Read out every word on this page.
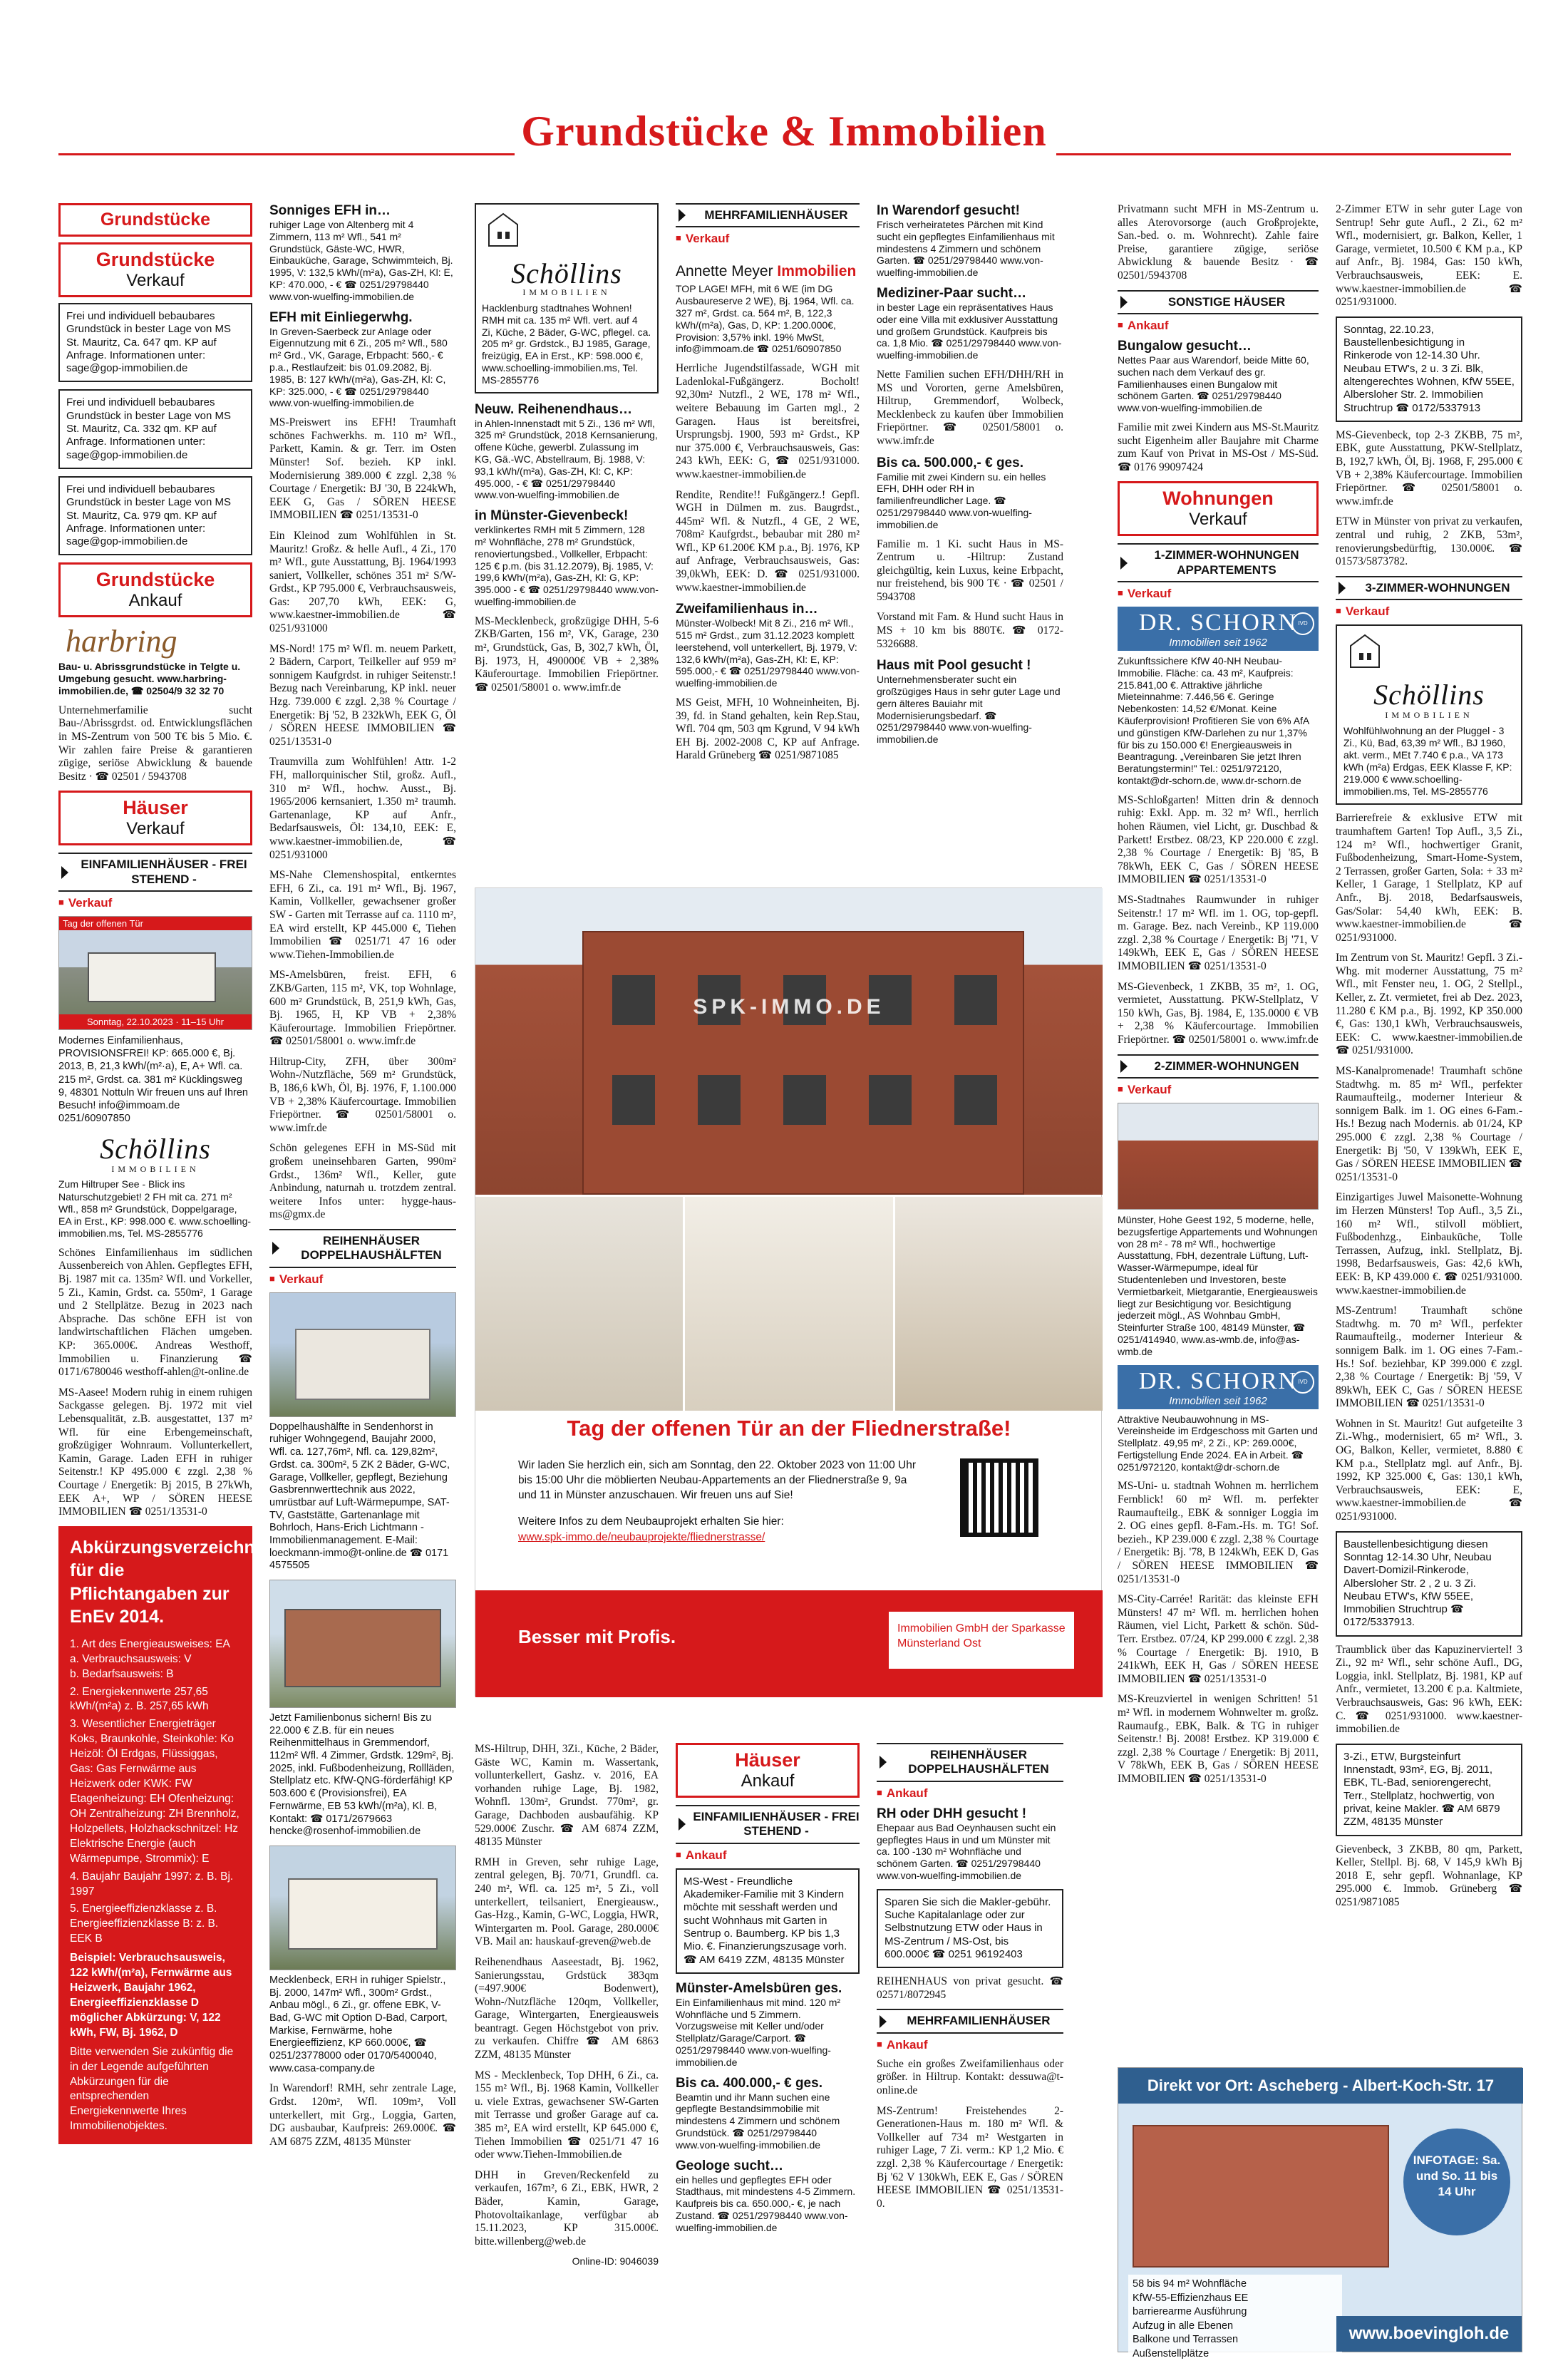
Grundstücke & Immobilien
Grundstücke
Grundstücke
Verkauf
Frei und individuell bebaubares Grundstück in bester Lage von MS St. Mauritz, Ca. 647 qm. KP auf Anfrage. Informationen unter: sage@gop-immobilien.de
Frei und individuell bebaubares Grundstück in bester Lage von MS St. Mauritz, Ca. 332 qm. KP auf Anfrage. Informationen unter: sage@gop-immobilien.de
Frei und individuell bebaubares Grundstück in bester Lage von MS St. Mauritz, Ca. 979 qm. KP auf Anfrage. Informationen unter: sage@gop-immobilien.de
Grundstücke
Ankauf
harbring
Bau- u. Abrissgrundstücke in Telgte u. Umgebung gesucht. www.harbring-immobilien.de, ☎ 02504/9 32 32 70
Unternehmerfamilie sucht Bau-/Abrissgrdst. od. Entwicklungsflächen in MS-Zentrum von 500 T€ bis 5 Mio. €. Wir zahlen faire Preise & garantieren zügige, seriöse Abwicklung & bauende Besitz · ☎ 02501 / 5943708
Häuser
Verkauf
EINFAMILIENHÄUSER - FREI STEHEND -
■ Verkauf
Tag der offenen Tür
Sonntag, 22.10.2023 · 11–15 Uhr
Modernes Einfamilienhaus, PROVISIONSFREI! KP: 665.000 €, Bj. 2013, B, 21,3 kWh/(m²·a), E, A+ Wfl. ca. 215 m², Grdst. ca. 381 m² Kücklingsweg 9, 48301 Nottuln Wir freuen uns auf Ihren Besuch! info@immoam.de 0251/60907850
Schöllins
IMMOBILIEN
Zum Hiltruper See - Blick ins Naturschutzgebiet! 2 FH mit ca. 271 m² Wfl., 858 m² Grundstück, Doppelgarage, EA in Erst., KP: 998.000 €. www.schoelling-immobilien.ms, Tel. MS-2855776
Schönes Einfamilienhaus im südlichen Aussenbereich von Ahlen. Gepflegtes EFH, Bj. 1987 mit ca. 135m² Wfl. und Vorkeller, 5 Zi., Kamin, Grdst. ca. 550m², 1 Garage und 2 Stellplätze. Bezug in 2023 nach Absprache. Das schöne EFH ist von landwirtschaftlichen Flächen umgeben. KP: 365.000€. Andreas Westhoff, Immobilien u. Finanzierung ☎ 0171/6780046 westhoff-ahlen@t-online.de
MS-Aasee! Modern ruhig in einem ruhigen Sackgasse gelegen. Bj. 1972 mit viel Lebensqualität, z.B. ausgestattet, 137 m² Wfl. für eine Erbengemeinschaft, großzügiger Wohnraum. Vollunterkellert, Kamin, Garage. Laden EFH in ruhiger Seitenstr.! KP 495.000 € zzgl. 2,38 % Courtage / Energetik: Bj 2015, B 27kWh, EEK A+, WP / SÖREN HEESE IMMOBILIEN ☎ 0251/13531-0
Abkürzungsverzeichnis für die Pflichtangaben zur EnEv 2014.
1. Art des Energieausweises: EA
a. Verbrauchsausweis: V
b. Bedarfsausweis: B
2. Energiekennwerte 257,65 kWh/(m²a) z. B. 257,65 kWh
3. Wesentlicher Energieträger Koks, Braunkohle, Steinkohle: Ko Heizöl: Öl Erdgas, Flüssiggas, Gas: Gas Fernwärme aus Heizwerk oder KWK: FW Etagenheizung: EH Ofenheizung: OH Zentralheizung: ZH Brennholz, Holzpellets, Holzhackschnitzel: Hz Elektrische Energie (auch Wärmepumpe, Strommix): E
4. Baujahr Baujahr 1997: z. B. Bj. 1997
5. Energieeffizienzklasse z. B. Energieeffizienzklasse B: z. B. EEK B
Beispiel: Verbrauchsausweis, 122 kWh/(m²a), Fernwärme aus Heizwerk, Baujahr 1962, Energieeffizienzklasse D möglicher Abkürzung: V, 122 kWh, FW, Bj. 1962, D
Bitte verwenden Sie zukünftig die in der Legende aufgeführten Abkürzungen für die entsprechenden Energiekennwerte Ihres Immobilienobjektes.
Sonniges EFH in…
ruhiger Lage von Altenberg mit 4 Zimmern, 113 m² Wfl., 541 m² Grundstück, Gäste-WC, HWR, Einbauküche, Garage, Schwimmteich, Bj. 1995, V: 132,5 kWh/(m²a), Gas-ZH, Kl: E, KP: 470.000, - € ☎ 0251/29798440 www.von-wuelfing-immobilien.de
EFH mit Einliegerwhg.
In Greven-Saerbeck zur Anlage oder Eigennutzung mit 6 Zi., 205 m² Wfl., 580 m² Grd., VK, Garage, Erbpacht: 560,- € p.a., Restlaufzeit: bis 01.09.2082, Bj. 1985, B: 127 kWh/(m²a), Gas-ZH, Kl: C, KP: 325.000, - € ☎ 0251/29798440 www.von-wuelfing-immobilien.de
MS-Preiswert ins EFH! Traumhaft schönes Fachwerkhs. m. 110 m² Wfl., Parkett, Kamin. & gr. Terr. im Osten Münster! Sof. bezieh. KP inkl. Modernisierung 389.000 € zzgl. 2,38 % Courtage / Energetik: BJ '30, B 224kWh, EEK G, Gas / SÖREN HEESE IMMOBILIEN ☎ 0251/13531-0
Ein Kleinod zum Wohlfühlen in St. Mauritz! Großz. & helle Aufl., 4 Zi., 170 m² Wfl., gute Ausstattung, Bj. 1964/1993 saniert, Vollkeller, schönes 351 m² S/W-Grdst., KP 795.000 €, Verbrauchsausweis, Gas: 207,70 kWh, EEK: G, www.kaestner-immobilien.de ☎ 0251/931000
MS-Nord! 175 m² Wfl. m. neuem Parkett, 2 Bädern, Carport, Teilkeller auf 959 m² sonnigem Kaufgrdst. in ruhiger Seitenstr.! Bezug nach Vereinbarung, KP inkl. neuer Hzg. 739.000 € zzgl. 2,38 % Courtage / Energetik: Bj '52, B 232kWh, EEK G, Öl / SÖREN HEESE IMMOBILIEN ☎ 0251/13531-0
Traumvilla zum Wohlfühlen! Attr. 1-2 FH, mallorquinischer Stil, großz. Aufl., 310 m² Wfl., hochw. Ausst., Bj. 1965/2006 kernsaniert, 1.350 m² traumh. Gartenanlage, KP auf Anfr., Bedarfsausweis, Öl: 134,10, EEK: E, www.kaestner-immobilien.de, ☎ 0251/931000
MS-Nahe Clemenshospital, entkerntes EFH, 6 Zi., ca. 191 m² Wfl., Bj. 1967, Kamin, Vollkeller, gewachsener großer SW - Garten mit Terrasse auf ca. 1110 m², EA wird erstellt, KP 445.000 €, Tiehen Immobilien ☎ 0251/71 47 16 oder www.Tiehen-Immobilien.de
MS-Amelsbüren, freist. EFH, 6 ZKB/Garten, 115 m², VK, top Wohnlage, 600 m² Grundstück, B, 251,9 kWh, Gas, Bj. 1965, H, KP VB + 2,38% Käuferourtage. Immobilien Friepörtner. ☎ 02501/58001 o. www.imfr.de
Hiltrup-City, ZFH, über 300m² Wohn-/Nutzfläche, 569 m² Grundstück, B, 186,6 kWh, Öl, Bj. 1976, F, 1.100.000 VB + 2,38% Käufercourtage. Immobilien Friepörtner. ☎ 02501/58001 o. www.imfr.de
Schön gelegenes EFH in MS-Süd mit großem uneinsehbaren Garten, 990m² Grdst., 136m² Wfl., Keller, gute Anbindung, naturnah u. trotzdem zentral. weitere Infos unter: hygge-haus-ms@gmx.de
REIHENHÄUSER DOPPELHAUSHÄLFTEN
■ Verkauf
Doppelhaushälfte in Sendenhorst in ruhiger Wohngegend, Baujahr 2000, Wfl. ca. 127,76m², Nfl. ca. 129,82m², Grdst. ca. 300m², 5 ZK 2 Bäder, G-WC, Garage, Vollkeller, gepflegt, Beziehung Gasbrennwerttechnik aus 2022, umrüstbar auf Luft-Wärmepumpe, SAT-TV, Gaststätte, Gartenanlage mit Bohrloch, Hans-Erich Lichtmann - Immobilienmanagement. E-Mail: loeckmann-immo@t-online.de ☎ 0171 4575505
Jetzt Familienbonus sichern! Bis zu 22.000 € Z.B. für ein neues Reihenmittelhaus in Gremmendorf, 112m² Wfl. 4 Zimmer, Grdstk. 129m², Bj. 2025, inkl. Fußbodenheizung, Rollläden, Stellplatz etc. KfW-QNG-förderfähig! KP 503.600 € (Provisionsfrei), EA Fernwärme, EB 53 kWh/(m²a), Kl. B, Kontakt: ☎ 0171/2679663 hencke@rosenhof-immobilien.de
Mecklenbeck, ERH in ruhiger Spielstr., Bj. 2000, 147m² Wfl., 300m² Grdst., Anbau mögl., 6 Zi., gr. offene EBK, V-Bad, G-WC mit Option D-Bad, Carport, Markise, Fernwärme, hohe Energieeffizienz, KP 660.000€, ☎ 0251/23778000 oder 0170/5400040, www.casa-company.de
In Warendorf! RMH, sehr zentrale Lage, Grdst. 120m², Wfl. 109m², Voll unterkellert, mit Grg., Loggia, Garten, DG ausbaubar, Kaufpreis: 269.000€. ☎ AM 6875 ZZM, 48135 Münster
Schöllins
IMMOBILIEN
Hacklenburg stadtnahes Wohnen! RMH mit ca. 135 m² Wfl. vert. auf 4 Zi, Küche, 2 Bäder, G-WC, pflegel. ca. 205 m² gr. Grdstck., BJ 1985, Garage, freizügig, EA in Erst., KP: 598.000 €, www.schoelling-immobilien.ms, Tel. MS-2855776
Neuw. Reihenendhaus…
in Ahlen-Innenstadt mit 5 Zi., 136 m² Wfl, 325 m² Grundstück, 2018 Kernsanierung, offene Küche, gewerbl. Zulassung im KG, Gä.-WC, Abstellraum, Bj. 1988, V: 93,1 kWh/(m²a), Gas-ZH, Kl: C, KP: 495.000, - € ☎ 0251/29798440 www.von-wuelfing-immobilien.de
in Münster-Gievenbeck!
verklinkertes RMH mit 5 Zimmern, 128 m² Wohnfläche, 278 m² Grundstück, renoviertungsbed., Vollkeller, Erbpacht: 125 € p.m. (bis 31.12.2079), Bj. 1985, V: 199,6 kWh/(m²a), Gas-ZH, Kl: G, KP: 395.000 - € ☎ 0251/29798440 www.von-wuelfing-immobilien.de
MS-Mecklenbeck, großzügige DHH, 5-6 ZKB/Garten, 156 m², VK, Garage, 230 m², Grundstück, Gas, B, 302,7 kWh, Öl, Bj. 1973, H, 490000€ VB + 2,38% Käuferourtage. Immobilien Friepörtner. ☎ 02501/58001 o. www.imfr.de
SPK-IMMO.DE
Tag der offenen Tür an der Fliednerstraße!
Wir laden Sie herzlich ein, sich am Sonntag, den 22. Oktober 2023 von 11:00 Uhr bis 15:00 Uhr die möblierten Neubau-Appartements an der Fliednerstraße 9, 9a und 11 in Münster anzuschauen. Wir freuen uns auf Sie!
Weitere Infos zu dem Neubauprojekt erhalten Sie hier:
www.spk-immo.de/neubauprojekte/fliednerstrasse/
Besser mit Profis.	Immobilien GmbH der Sparkasse Münsterland Ost
MS-Hiltrup, DHH, 3Zi., Küche, 2 Bäder, Gäste WC, Kamin m. Wassertank, vollunterkellert, Gashz. v. 2016, EA vorhanden ruhige Lage, Bj. 1982, Wohnfl. 130m², Grundst. 770m², gr. Garage, Dachboden ausbaufähig. KP 529.000€ Zuschr. ☎ AM 6874 ZZM, 48135 Münster
RMH in Greven, sehr ruhige Lage, zentral gelegen, Bj. 70/71, Grundfl. ca. 240 m², Wfl. ca. 125 m², 5 Zi., voll unterkellert, teilsaniert, Energieausw., Gas-Hzg., Kamin, G-WC, Loggia, HWR, Wintergarten m. Pool. Garage, 280.000€ VB. Mail an: hauskauf-greven@web.de
Reihenendhaus Aaseestadt, Bj. 1962, Sanierungsstau, Grdstück 383qm (=497.900€ Bodenwert), Wohn-/Nutzfläche 120qm, Vollkeller, Garage, Wintergarten, Energieausweis beantragt. Gegen Höchstgebot von priv. zu verkaufen. Chiffre ☎ AM 6863 ZZM, 48135 Münster
MS - Mecklenbeck, Top DHH, 6 Zi., ca. 155 m² Wfl., Bj. 1968 Kamin, Vollkeller u. viele Extras, gewachsener SW-Garten mit Terrasse und großer Garage auf ca. 385 m², EA wird erstellt, KP 645.000 €, Tiehen Immobilien ☎ 0251/71 47 16 oder www.Tiehen-Immobilien.de
DHH in Greven/Reckenfeld zu verkaufen, 167m², 6 Zi., EBK, HWR, 2 Bäder, Kamin, Garage, Photovoltaikanlage, verfügbar ab 15.11.2023, KP 315.000€. bitte.willenberg@web.de
Online-ID: 9046039
MEHRFAMILIENHÄUSER
■ Verkauf
Annette Meyer Immobilien
TOP LAGE! MFH, mit 6 WE (im DG Ausbaureserve 2 WE), Bj. 1964, Wfl. ca. 327 m², Grdst. ca. 564 m², B, 122,3 kWh/(m²a), Gas, D, KP: 1.200.000€, Provision: 3,57% inkl. 19% MwSt, info@immoam.de ☎ 0251/60907850
Herrliche Jugendstilfassade, WGH mit Ladenlokal-Fußgängerz. Bocholt! 92,30m² Nutzfl., 2 WE, 178 m² Wfl., weitere Bebauung im Garten mgl., 2 Garagen. Haus ist bereitsfrei, Ursprungsbj. 1900, 593 m² Grdst., KP nur 375.000 €, Verbrauchsausweis, Gas: 243 kWh, EEK: G, ☎ 0251/931000. www.kaestner-immobilien.de
Rendite, Rendite!! Fußgängerz.! Gepfl. WGH in Dülmen m. zus. Baugrdst., 445m² Wfl. & Nutzfl., 4 GE, 2 WE, 708m² Kaufgrdst., bebaubar mit 280 m² Wfl., KP 61.200€ KM p.a., Bj. 1976, KP auf Anfrage, Verbrauchsausweis, Gas: 39,0kWh, EEK: D. ☎ 0251/931000. www.kaestner-immobilien.de
Zweifamilienhaus in…
Münster-Wolbeck! Mit 8 Zi., 216 m² Wfl., 515 m² Grdst., zum 31.12.2023 komplett leerstehend, voll unterkellert, Bj. 1979, V: 132,6 kWh/(m²a), Gas-ZH, Kl: E, KP: 595.000,- € ☎ 0251/29798440 www.von-wuelfing-immobilien.de
MS Geist, MFH, 10 Wohneinheiten, Bj. 39, fd. in Stand gehalten, kein Rep.Stau, Wfl. 704 qm, 503 qm Kgrund, V 94 kWh EH Bj. 2002-2008 C, KP auf Anfrage. Harald Grüneberg ☎ 0251/9871085
Häuser
Ankauf
EINFAMILIENHÄUSER - FREI STEHEND -
■ Ankauf
MS-West - Freundliche Akademiker-Familie mit 3 Kindern möchte mit sesshaft werden und sucht Wohnhaus mit Garten in Sentrup o. Baumberg. KP bis 1,3 Mio. €. Finanzierungszusage vorh. ☎ AM 6419 ZZM, 48135 Münster
Münster-Amelsbüren ges.
Ein Einfamilienhaus mit mind. 120 m² Wohnfläche und 5 Zimmern. Vorzugsweise mit Keller und/oder Stellplatz/Garage/Carport. ☎ 0251/29798440 www.von-wuelfing-immobilien.de
Bis ca. 400.000,- € ges.
Beamtin und ihr Mann suchen eine gepflegte Bestandsimmobilie mit mindestens 4 Zimmern und schönem Grundstück. ☎ 0251/29798440 www.von-wuelfing-immobilien.de
Geologe sucht…
ein helles und gepflegtes EFH oder Stadthaus, mit mindestens 4-5 Zimmern. Kaufpreis bis ca. 650.000,- €, je nach Zustand. ☎ 0251/29798440 www.von-wuelfing-immobilien.de
In Warendorf gesucht!
Frisch verheiratetes Pärchen mit Kind sucht ein gepflegtes Einfamilienhaus mit mindestens 4 Zimmern und schönem Garten. ☎ 0251/29798440 www.von-wuelfing-immobilien.de
Mediziner-Paar sucht…
in bester Lage ein repräsentatives Haus oder eine Villa mit exklusiver Ausstattung und großem Grundstück. Kaufpreis bis ca. 1,8 Mio. ☎ 0251/29798440 www.von-wuelfing-immobilien.de
Nette Familien suchen EFH/DHH/RH in MS und Vororten, gerne Amelsbüren, Hiltrup, Gremmendorf, Wolbeck, Mecklenbeck zu kaufen über Immobilien Friepörtner. ☎ 02501/58001 o. www.imfr.de
Bis ca. 500.000,- € ges.
Familie mit zwei Kindern su. ein helles EFH, DHH oder RH in familienfreundlicher Lage. ☎ 0251/29798440 www.von-wuelfing-immobilien.de
Familie m. 1 Ki. sucht Haus in MS-Zentrum u. -Hiltrup: Zustand gleichgültig, kein Luxus, keine Erbpacht, nur freistehend, bis 900 T€ · ☎ 02501 / 5943708
Vorstand mit Fam. & Hund sucht Haus in MS + 10 km bis 880T€. ☎ 0172-5326688.
Haus mit Pool gesucht !
Unternehmensberater sucht ein großzügiges Haus in sehr guter Lage und gern älteres Bauiahr mit Modernisierungsbedarf. ☎ 0251/29798440 www.von-wuelfing-immobilien.de
REIHENHÄUSER DOPPELHAUSHÄLFTEN
■ Ankauf
RH oder DHH gesucht !
Ehepaar aus Bad Oeynhausen sucht ein gepflegtes Haus in und um Münster mit ca. 100 -130 m² Wohnfläche und schönem Garten. ☎ 0251/29798440 www.von-wuelfing-immobilien.de
Sparen Sie sich die Makler-gebühr. Suche Kapitalanlage oder zur Selbstnutzung ETW oder Haus in MS-Zentrum / MS-Ost, bis 600.000€ ☎ 0251 96192403
REIHENHAUS von privat gesucht. ☎ 02571/8072945
MEHRFAMILIENHÄUSER
■ Ankauf
Suche ein großes Zweifamilienhaus oder größer. in Hiltrup. Kontakt: dessuwa@t-online.de
MS-Zentrum! Freistehendes 2-Generationen-Haus m. 180 m² Wfl. & Vollkeller auf 734 m² Westgarten in ruhiger Lage, 7 Zi. verm.: KP 1,2 Mio. € zzgl. 2,38 % Käufercourtage / Energetik: Bj '62 V 130kWh, EEK E, Gas / SÖREN HEESE IMMOBILIEN ☎ 0251/13531-0.
Privatmann sucht MFH in MS-Zentrum u. alles Aterovorsorge (auch Großprojekte, San.-bed. o. m. Wohnrecht). Zahle faire Preise, garantiere zügige, seriöse Abwicklung & bauende Besitz · ☎ 02501/5943708
SONSTIGE HÄUSER
■ Ankauf
Bungalow gesucht…
Nettes Paar aus Warendorf, beide Mitte 60, suchen nach dem Verkauf des gr. Familienhauses einen Bungalow mit schönem Garten. ☎ 0251/29798440 www.von-wuelfing-immobilien.de
Familie mit zwei Kindern aus MS-St.Mauritz sucht Eigenheim aller Baujahre mit Charme zum Kauf von Privat in MS-Ost / MS-Süd. ☎ 0176 99097424
Wohnungen
Verkauf
1-ZIMMER-WOHNUNGEN APPARTEMENTS
■ Verkauf
DR. SCHORN
Immobilien seit 1962
IVD
Zukunftssichere KfW 40-NH Neubau-Immobilie. Fläche: ca. 43 m², Kaufpreis: 215.841,00 €. Attraktive jährliche Mieteinnahme: 7.446,56 €. Geringe Nebenkosten: 14,52 €/Monat. Keine Käuferprovision! Profitieren Sie von 6% AfA und günstigen KfW-Darlehen zu nur 1,37% für bis zu 150.000 €! Energieausweis in Beantragung. „Vereinbaren Sie jetzt Ihren Beratungstermin!" Tel.: 0251/972120, kontakt@dr-schorn.de, www.dr-schorn.de
MS-Schloßgarten! Mitten drin & dennoch ruhig: Exkl. App. m. 32 m² Wfl., herrlich hohen Räumen, viel Licht, gr. Duschbad & Parkett! Erstbez. 08/23, KP 220.000 € zzgl. 2,38 % Courtage / Energetik: Bj '85, B 78kWh, EEK C, Gas / SÖREN HEESE IMMOBILIEN ☎ 0251/13531-0
MS-Stadtnahes Raumwunder in ruhiger Seitenstr.! 17 m² Wfl. im 1. OG, top-gepfl. m. Garage. Bez. nach Vereinb., KP 119.000 zzgl. 2,38 % Courtage / Energetik: Bj '71, V 149kWh, EEK E, Gas / SÖREN HEESE IMMOBILIEN ☎ 0251/13531-0
MS-Gievenbeck, 1 ZKBB, 35 m², 1. OG, vermietet, Ausstattung. PKW-Stellplatz, V 150 kWh, Gas, Bj. 1984, E, 135.0000 € VB + 2,38 % Käufercourtage. Immobilien Friepörtner. ☎ 02501/58001 o. www.imfr.de
2-ZIMMER-WOHNUNGEN
■ Verkauf
Münster, Hohe Geest 192, 5 moderne, helle, bezugsfertige Appartements und Wohnungen von 28 m² - 78 m² Wfl., hochwertige Ausstattung, FbH, dezentrale Lüftung, Luft-Wasser-Wärmepumpe, ideal für Studentenleben und Investoren, beste Vermietbarkeit, Mietgarantie, Energieausweis liegt zur Besichtigung vor. Besichtigung jederzeit mögl., AS Wohnbau GmbH, Steinfurter Straße 100, 48149 Münster, ☎ 0251/414940, www.as-wmb.de, info@as-wmb.de
DR. SCHORN
Immobilien seit 1962
IVD
Attraktive Neubauwohnung in MS-Vereinsheide im Erdgeschoss mit Garten und Stellplatz. 49,95 m², 2 Zi., KP: 269.000€, Fertigstellung Ende 2024. EA in Arbeit. ☎ 0251/972120, kontakt@dr-schorn.de
MS-Uni- u. stadtnah Wohnen m. herrlichem Fernblick! 60 m² Wfl. m. perfekter Raumaufteilg., EBK & sonniger Loggia im 2. OG eines gepfl. 8-Fam.-Hs. m. TG! Sof. bezieh., KP 239.000 € zzgl. 2,38 % Courtage / Energetik: Bj. '78, B 124kWh, EEK D, Gas / SÖREN HEESE IMMOBILIEN ☎ 0251/13531-0
MS-City-Carrée! Rarität: das kleinste EFH Münsters! 47 m² Wfl. m. herrlichen hohen Räumen, viel Licht, Parkett & schön. Süd-Terr. Erstbez. 07/24, KP 299.000 € zzgl. 2,38 % Courtage / Energetik: Bj. 1910, B 241kWh, EEK H, Gas / SÖREN HEESE IMMOBILIEN ☎ 0251/13531-0
MS-Kreuzviertel in wenigen Schritten! 51 m² Wfl. in modernem Wohnwelter m. großz. Raumaufg., EBK, Balk. & TG in ruhiger Seitenstr.! Bj. 2008! Erstbez. KP 319.000 € zzgl. 2,38 % Courtage / Energetik: Bj 2011, V 78kWh, EEK B, Gas / SÖREN HEESE IMMOBILIEN ☎ 0251/13531-0
2-Zimmer ETW in sehr guter Lage von Sentrup! Sehr gute Aufl., 2 Zi., 62 m² Wfl., modernisiert, gr. Balkon, Keller, 1 Garage, vermietet, 10.500 € KM p.a., KP auf Anfr., Bj. 1984, Gas: 150 kWh, Verbrauchsausweis, EEK: E. www.kaestner-immobilien.de ☎ 0251/931000.
Sonntag, 22.10.23, Baustellenbesichtigung in Rinkerode von 12-14.30 Uhr. Neubau ETW's, 2 u. 3 Zi. Blk, altengerechtes Wohnen, KfW 55EE, Albersloher Str. 2. Immobilien Struchtrup ☎ 0172/5337913
MS-Gievenbeck, top 2-3 ZKBB, 75 m², EBK, gute Ausstattung, PKW-Stellplatz, B, 192,7 kWh, Öl, Bj. 1968, F, 295.000 € VB + 2,38% Käufercourtage. Immobilien Friepörtner. ☎ 02501/58001 o. www.imfr.de
ETW in Münster von privat zu verkaufen, zentral und ruhig, 2 ZKB, 53m², renovierungsbedürftig, 130.000€. ☎ 01573/5873782.
3-ZIMMER-WOHNUNGEN
■ Verkauf
Schöllins
IMMOBILIEN
Wohlfühlwohnung an der Pluggel - 3 Zi., Kü, Bad, 63,39 m² Wfl., BJ 1960, akt. verm., MEt 7.740 € p.a., VA 173 kWh (m²a) Erdgas, EEK Klasse F, KP: 219.000 € www.schoelling-immobilien.ms, Tel. MS-2855776
Barrierefreie & exklusive ETW mit traumhaftem Garten! Top Aufl., 3,5 Zi., 124 m² Wfl., hochwertiger Granit, Fußbodenheizung, Smart-Home-System, 2 Terrassen, großer Garten, Sola: + 33 m² Keller, 1 Garage, 1 Stellplatz, KP auf Anfr., Bj. 2018, Bedarfsausweis, Gas/Solar: 54,40 kWh, EEK: B. www.kaestner-immobilien.de ☎ 0251/931000.
Im Zentrum von St. Mauritz! Gepfl. 3 Zi.-Whg. mit moderner Ausstattung, 75 m² Wfl., mit Fenster neu, 1. OG, 2 Stellpl., Keller, z. Zt. vermietet, frei ab Dez. 2023, 11.280 € KM p.a., Bj. 1992, KP 350.000 €, Gas: 130,1 kWh, Verbrauchsausweis, EEK: C. www.kaestner-immobilien.de ☎ 0251/931000.
MS-Kanalpromenade! Traumhaft schöne Stadtwhg. m. 85 m² Wfl., perfekter Raumaufteilg., moderner Interieur & sonnigem Balk. im 1. OG eines 6-Fam.-Hs.! Bezug nach Modernis. ab 01/24, KP 295.000 € zzgl. 2,38 % Courtage / Energetik: Bj '50, V 139kWh, EEK E, Gas / SÖREN HEESE IMMOBILIEN ☎ 0251/13531-0
Einzigartiges Juwel Maisonette-Wohnung im Herzen Münsters! Top Aufl., 3,5 Zi., 160 m² Wfl., stilvoll möbliert, Fußbodenhzg., Einbauküche, Tolle Terrassen, Aufzug, inkl. Stellplatz, Bj. 1998, Bedarfsausweis, Gas: 42,6 kWh, EEK: B, KP 439.000 €. ☎ 0251/931000. www.kaestner-immobilien.de
MS-Zentrum! Traumhaft schöne Stadtwhg. m. 70 m² Wfl., perfekter Raumaufteilg., moderner Interieur & sonnigem Balk. im 1. OG eines 7-Fam.-Hs.! Sof. beziehbar, KP 399.000 € zzgl. 2,38 % Courtage / Energetik: Bj '59, V 89kWh, EEK C, Gas / SÖREN HEESE IMMOBILIEN ☎ 0251/13531-0
Wohnen in St. Mauritz! Gut aufgeteilte 3 Zi.-Whg., modernisiert, 65 m² Wfl., 3. OG, Balkon, Keller, vermietet, 8.880 € KM p.a., Stellplatz mgl. auf Anfr., Bj. 1992, KP 325.000 €, Gas: 130,1 kWh, Verbrauchsausweis, EEK: E, www.kaestner-immobilien.de ☎ 0251/931000.
Baustellenbesichtigung diesen Sonntag 12-14.30 Uhr, Neubau Davert-Domizil-Rinkerode, Albersloher Str. 2 , 2 u. 3 Zi. Neubau ETW's, KfW 55EE, Immobilien Struchtrup ☎ 0172/5337913.
Traumblick über das Kapuzinerviertel! 3 Zi., 92 m² Wfl., sehr schöne Aufl., DG, Loggia, inkl. Stellplatz, Bj. 1981, KP auf Anfr., vermietet, 13.200 € p.a. Kaltmiete, Verbrauchsausweis, Gas: 96 kWh, EEK: C. ☎ 0251/931000. www.kaestner-immobilien.de
3-Zi., ETW, Burgsteinfurt Innenstadt, 93m², EG, Bj. 2011, EBK, TL-Bad, seniorengerecht, Terr., Stellplatz, hochwertig, von privat, keine Makler. ☎ AM 6879 ZZM, 48135 Münster
Gievenbeck, 3 ZKBB, 80 qm, Parkett, Keller, Stellpl. Bj. 68, V 145,9 kWh Bj 2018 E, sehr gepfl. Wohnanlage, KP 295.000 €. Immob. Grüneberg ☎ 0251/9871085
Direkt vor Ort: Ascheberg - Albert-Koch-Str. 17
INFOTAGE: Sa. und So. 11 bis 14 Uhr
58 bis 94 m² Wohnfläche
KfW-55-Effizienzhaus EE
barrierearme Ausführung
Aufzug in alle Ebenen
Balkone und Terrassen
Außenstellplätze
www.boevingloh.de
